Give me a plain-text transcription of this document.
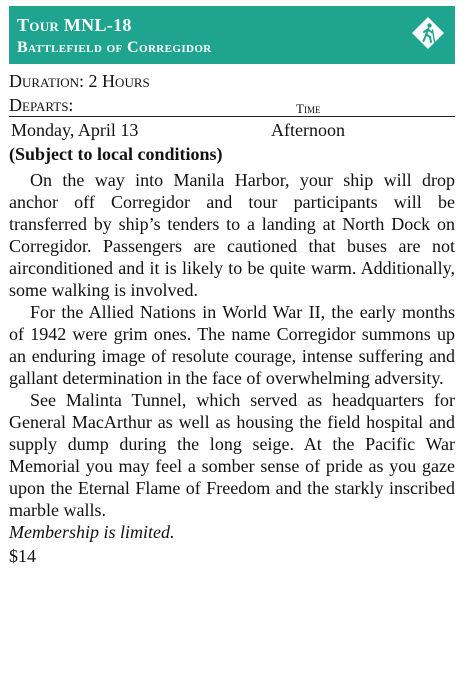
Tour MNL-18
Battlefield of Corregidor
Duration: 2 Hours
Departs:	Time
Monday, April 13	Afternoon
(Subject to local conditions)

On the way into Manila Harbor, your ship will drop anchor off Corregidor and tour participants will be transferred by ship’s tenders to a landing at North Dock on Corregidor. Passengers are cautioned that buses are not airconditioned and it is likely to be quite warm. Additionally, some walking is involved.

For the Allied Nations in World War II, the early months of 1942 were grim ones. The name Corregidor summons up an enduring image of resolute courage, intense suffering and gallant determination in the face of overwhelming adversity.

See Malinta Tunnel, which served as headquarters for General MacArthur as well as housing the field hospital and supply dump during the long seige. At the Pacific War Memorial you may feel a somber sense of pride as you gaze upon the Eternal Flame of Freedom and the starkly inscribed marble walls.

Membership is limited.

$14
